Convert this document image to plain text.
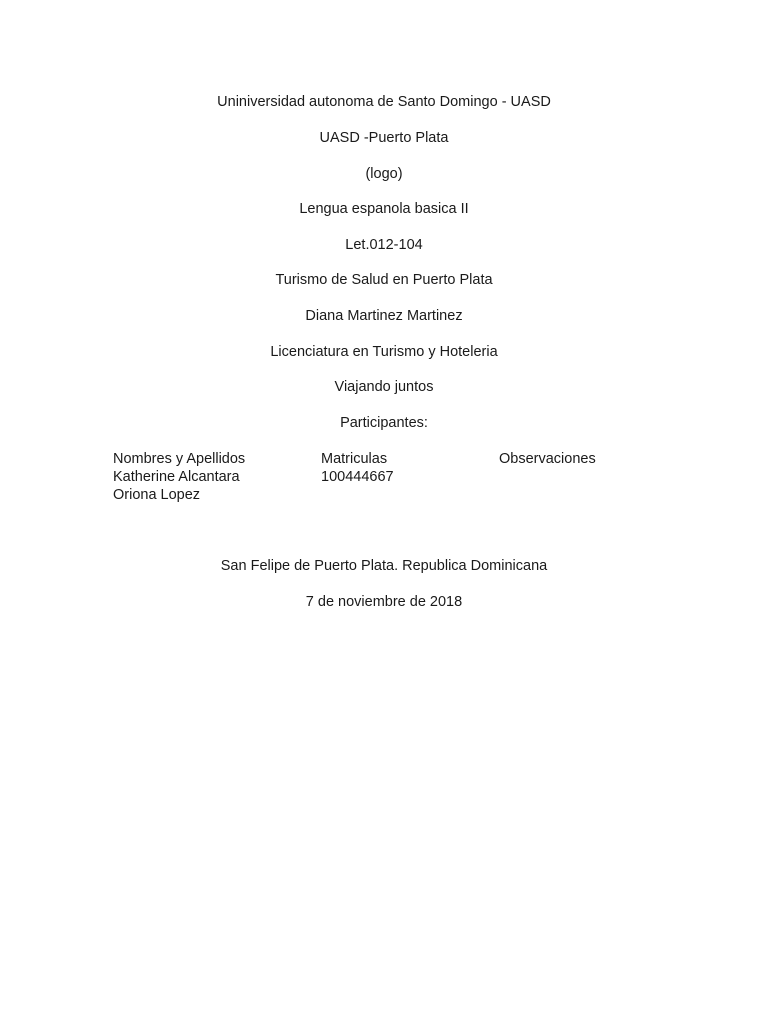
Uniniversidad autonoma de Santo Domingo - UASD
UASD -Puerto Plata
(logo)
Lengua espanola basica II
Let.012-104
Turismo de Salud en Puerto Plata
Diana Martinez Martinez
Licenciatura en Turismo y Hoteleria
Viajando juntos
Participantes:
Nombres y Apellidos	Matriculas	Observaciones
Katherine Alcantara	100444667
Oriona Lopez
San Felipe de Puerto Plata. Republica Dominicana
7 de noviembre de 2018
